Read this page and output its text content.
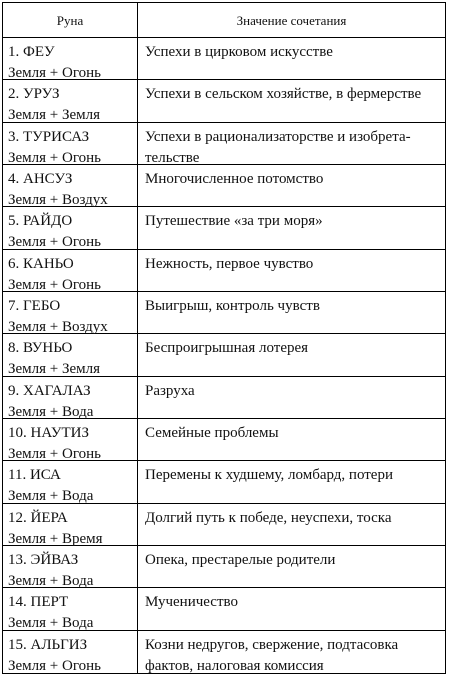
Руна	Значение сочетания
1. ФЕУ
Земля + Огонь
Успехи в цирковом искусстве
2. УРУЗ
Земля + Земля
Успехи в сельском хозяйстве, в фермерстве
3. ТУРИСАЗ
Земля + Огонь
Успехи в рационализаторстве и изобрета-
тельстве
4. АНСУЗ
Земля + Воздух
Многочисленное потомство
5. РАЙДО
Земля + Огонь
Путешествие «за три моря»
6. КАНЬО
Земля + Огонь
Нежность, первое чувство
7. ГЕБО
Земля + Воздух
Выигрыш, контроль чувств
8. ВУНЬО
Земля + Земля
Беспроигрышная лотерея
9. ХАГАЛАЗ
Земля + Вода
Разруха
10. НАУТИЗ
Земля + Огонь
Семейные проблемы
11. ИСА
Земля + Вода
Перемены к худшему, ломбард, потери
12. ЙЕРА
Земля + Время
Долгий путь к победе, неуспехи, тоска
13. ЭЙВАЗ
Земля + Вода
Опека, престарелые родители
14. ПЕРТ
Земля + Вода
Мученичество
15. АЛЬГИЗ
Земля + Огонь
Козни недругов, свержение, подтасовка
фактов, налоговая комиссия
